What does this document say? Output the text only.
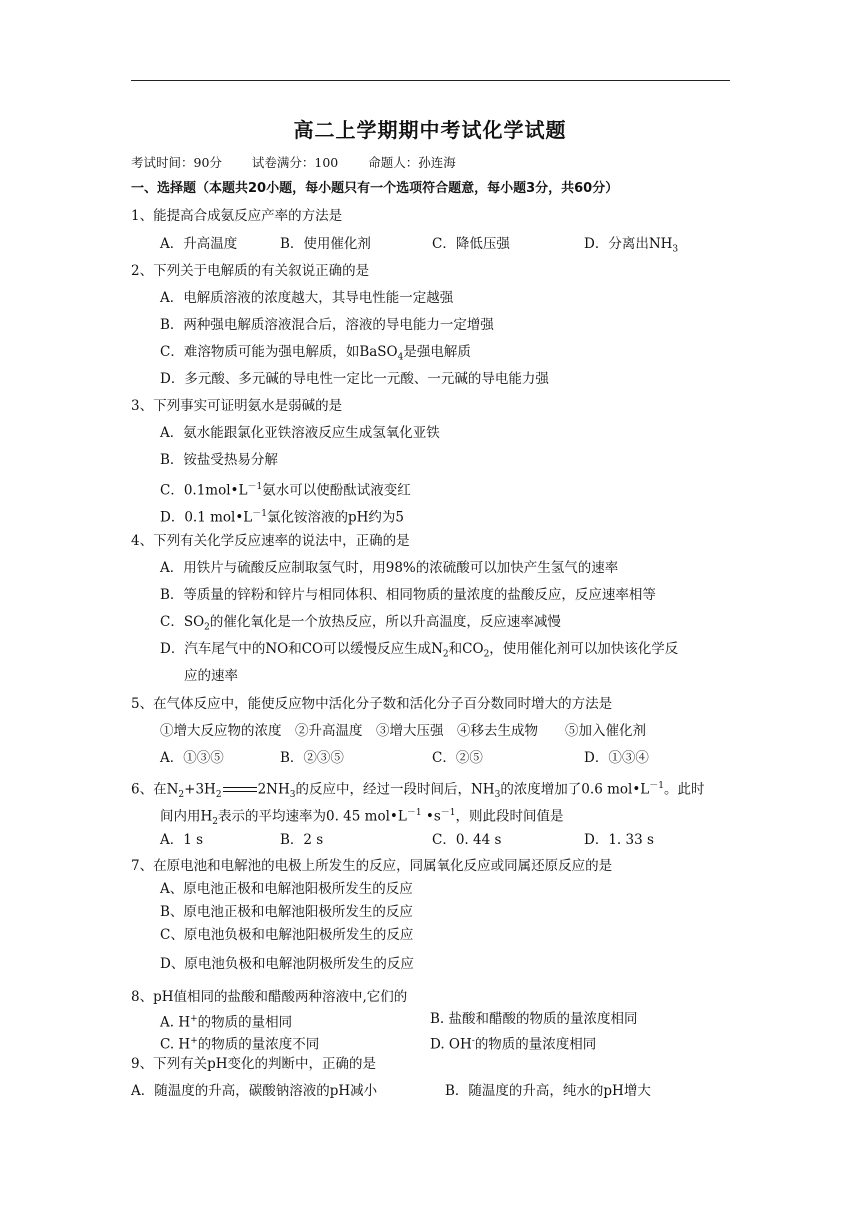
高二上学期期中考试化学试题
考试时间：90分 试卷满分：100 命题人：孙连海
一、选择题（本题共20小题，每小题只有一个选项符合题意，每小题3分，共60分）
1、能提高合成氨反应产率的方法是
A．升高温度	B．使用催化剂	C．降低压强	D．分离出$NH_3$
2、下列关于电解质的有关叙说正确的是
A．电解质溶液的浓度越大，其导电性能一定越强
B．两种强电解质溶液混合后，溶液的导电能力一定增强
C．难溶物质可能为强电解质，如BaSO$_4$是强电解质
D．多元酸、多元碱的导电性一定比一元酸、一元碱的导电能力强
3、下列事实可证明氨水是弱碱的是
A．氨水能跟氯化亚铁溶液反应生成氢氧化亚铁
B．铵盐受热易分解
C．$0.1mol•L^{-1}$氨水可以使酚酞试液变红
D．0.1 $mol•L^{-1}$氯化铵溶液的pH约为5
4、下列有关化学反应速率的说法中，正确的是
A．用铁片与硫酸反应制取氢气时，用98%的浓硫酸可以加快产生氢气的速率
B．等质量的锌粉和锌片与相同体积、相同物质的量浓度的盐酸反应，反应速率相等
C．$SO_2$的催化氧化是一个放热反应，所以升高温度，反应速率减慢
D．汽车尾气中的NO和CO可以缓慢反应生成$N_2$和$CO_2$，使用催化剂可以加快该化学反
应的速率
5、在气体反应中，能使反应物中活化分子数和活化分子百分数同时增大的方法是
①增大反应物的浓度　②升高温度　③增大压强　④移去生成物　　⑤加入催化剂
A．①③⑤	B．②③⑤	C．②⑤	D．①③④
6、在$N_2+3H_2$	$2NH_3$的反应中，经过一段时间后，$NH_3$的浓度增加了0.6 $mol•L^{-1}$。此时
间内用$H_2$表示的平均速率为0. 45 $mol•L^{-1}$ $•s^{-1}$，则此段时间值是
A．1 s	B．2 s	C．0. 44 s	D．1. 33 s
7、在原电池和电解池的电极上所发生的反应，同属氧化反应或同属还原反应的是
A、原电池正极和电解池阳极所发生的反应
B、原电池正极和电解池阳极所发生的反应
C、原电池负极和电解池阳极所发生的反应
D、原电池负极和电解池阴极所发生的反应
8、pH值相同的盐酸和醋酸两种溶液中,它们的
A. H+的物质的量相同	B. 盐酸和醋酸的物质的量浓度相同
C. H+的物质的量浓度不同	D. OH-的物质的量浓度相同
9、下列有关pH变化的判断中，正确的是
A．随温度的升高，碳酸钠溶液的pH减小	B．随温度的升高，纯水的pH增大
